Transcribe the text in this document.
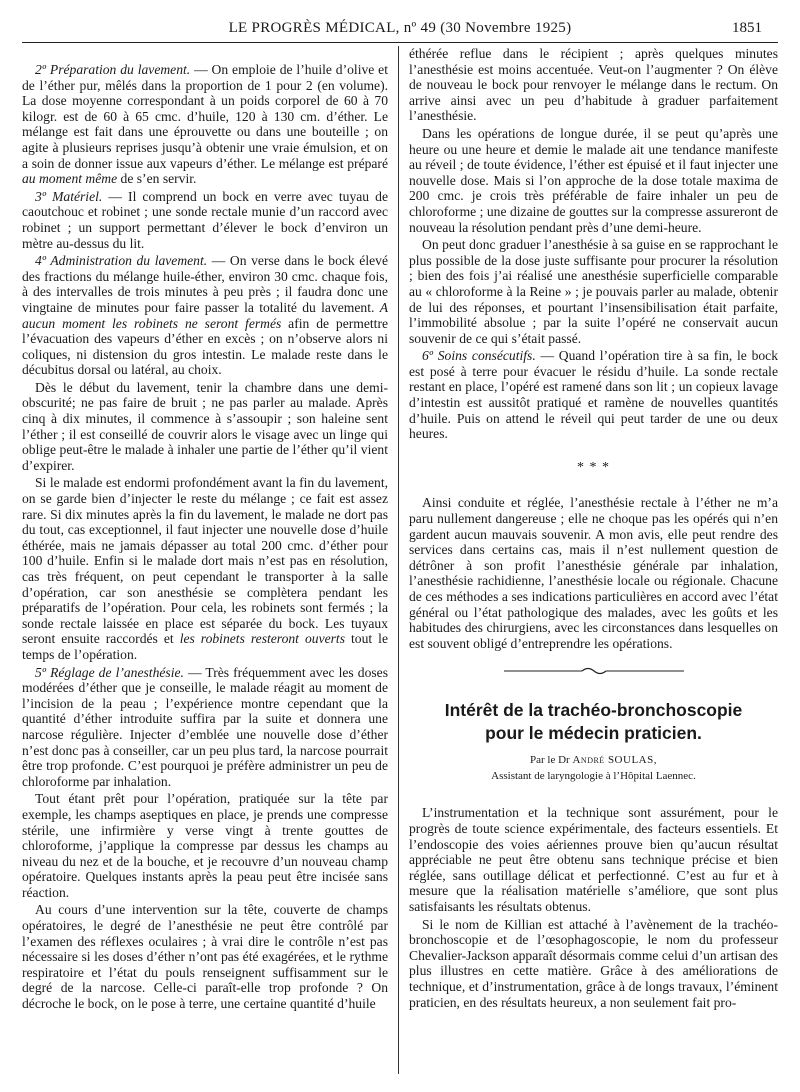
LE PROGRÈS MÉDICAL, nº 49 (30 Novembre 1925)	1851

2º Préparation du lavement. — On emploie de l’huile d’olive et de l’éther pur, mêlés dans la proportion de 1 pour 2 (en volume). La dose moyenne correspondant à un poids corporel de 60 à 70 kilogr. est de 60 à 65 cmc. d’huile, 120 à 130 cm. d’éther. Le mélange est fait dans une éprouvette ou dans une bouteille ; on agite à plusieurs reprises jusqu’à obtenir une vraie émulsion, et on a soin de donner issue aux vapeurs d’éther. Le mélange est préparé au moment même de s’en servir.

3º Matériel. — Il comprend un bock en verre avec tuyau de caoutchouc et robinet ; une sonde rectale munie d’un raccord avec robinet ; un support permettant d’élever le bock d’environ un mètre au-dessus du lit.

4º Administration du lavement. — On verse dans le bock élevé des fractions du mélange huile-éther, environ 30 cmc. chaque fois, à des intervalles de trois minutes à peu près ; il faudra donc une vingtaine de minutes pour faire passer la totalité du lavement. A aucun moment les robinets ne seront fermés afin de permettre l’évacuation des vapeurs d’éther en excès ; on n’observe alors ni coliques, ni distension du gros intestin. Le malade reste dans le décubitus dorsal ou latéral, au choix.

Dès le début du lavement, tenir la chambre dans une demi-obscurité; ne pas faire de bruit ; ne pas parler au malade. Après cinq à dix minutes, il commence à s’assoupir ; son haleine sent l’éther ; il est conseillé de couvrir alors le visage avec un linge qui oblige peut-être le malade à inhaler une partie de l’éther qu’il vient d’expirer.

Si le malade est endormi profondément avant la fin du lavement, on se garde bien d’injecter le reste du mélange ; ce fait est assez rare. Si dix minutes après la fin du lavement, le malade ne dort pas du tout, cas exceptionnel, il faut injecter une nouvelle dose d’huile éthérée, mais ne jamais dépasser au total 200 cmc. d’éther pour 100 d’huile. Enfin si le malade dort mais n’est pas en résolution, cas très fréquent, on peut cependant le transporter à la salle d’opération, car son anesthésie se complètera pendant les préparatifs de l’opération. Pour cela, les robinets sont fermés ; la sonde rectale laissée en place est séparée du bock. Les tuyaux seront ensuite raccordés et les robinets resteront ouverts tout le temps de l’opération.

5º Réglage de l’anesthésie. — Très fréquemment avec les doses modérées d’éther que je conseille, le malade réagit au moment de l’incision de la peau ; l’expérience montre cependant que la quantité d’éther introduite suffira par la suite et donnera une narcose régulière. Injecter d’emblée une nouvelle dose d’éther n’est donc pas à conseiller, car un peu plus tard, la narcose pourrait être trop profonde. C’est pourquoi je préfère administrer un peu de chloroforme par inhalation.

Tout étant prêt pour l’opération, pratiquée sur la tête par exemple, les champs aseptiques en place, je prends une compresse stérile, une infirmière y verse vingt à trente gouttes de chloroforme, j’applique la compresse par dessus les champs au niveau du nez et de la bouche, et je recouvre d’un nouveau champ opératoire. Quelques instants après la peau peut être incisée sans réaction.

Au cours d’une intervention sur la tête, couverte de champs opératoires, le degré de l’anesthésie ne peut être contrôlé par l’examen des réflexes oculaires ; à vrai dire le contrôle n’est pas nécessaire si les doses d’éther n’ont pas été exagérées, et le rythme respiratoire et l’état du pouls renseignent suffisamment sur le degré de la narcose. Celle-ci paraît-elle trop profonde ? On décroche le bock, on le pose à terre, une certaine quantité d’huile

éthérée reflue dans le récipient ; après quelques minutes l’anesthésie est moins accentuée. Veut-on l’augmenter ? On élève de nouveau le bock pour renvoyer le mélange dans le rectum. On arrive ainsi avec un peu d’habitude à graduer parfaitement l’anesthésie.

Dans les opérations de longue durée, il se peut qu’après une heure ou une heure et demie le malade ait une tendance manifeste au réveil ; de toute évidence, l’éther est épuisé et il faut injecter une nouvelle dose. Mais si l’on approche de la dose totale maxima de 200 cmc. je crois très préférable de faire inhaler un peu de chloroforme ; une dizaine de gouttes sur la compresse assureront de nouveau la résolution pendant près d’une demi-heure.

On peut donc graduer l’anesthésie à sa guise en se rapprochant le plus possible de la dose juste suffisante pour procurer la résolution ; bien des fois j’ai réalisé une anesthésie superficielle comparable au « chloroforme à la Reine » ; je pouvais parler au malade, obtenir de lui des réponses, et pourtant l’insensibilisation était parfaite, l’immobilité absolue ; par la suite l’opéré ne conservait aucun souvenir de ce qui s’était passé.

6º Soins consécutifs. — Quand l’opération tire à sa fin, le bock est posé à terre pour évacuer le résidu d’huile. La sonde rectale restant en place, l’opéré est ramené dans son lit ; un copieux lavage d’intestin est aussitôt pratiqué et ramène de nouvelles quantités d’huile. Puis on attend le réveil qui peut tarder de une ou deux heures.

* * *

Ainsi conduite et réglée, l’anesthésie rectale à l’éther ne m’a paru nullement dangereuse ; elle ne choque pas les opérés qui n’en gardent aucun mauvais souvenir. A mon avis, elle peut rendre des services dans certains cas, mais il n’est nullement question de détrôner à son profit l’anesthésie générale par inhalation, l’anesthésie rachidienne, l’anesthésie locale ou régionale. Chacune de ces méthodes a ses indications particulières en accord avec l’état général ou l’état pathologique des malades, avec les goûts et les habitudes des chirurgiens, avec les circonstances dans lesquelles on est souvent obligé d’entreprendre les opérations.

Intérêt de la trachéo-bronchoscopie
pour le médecin praticien.
Par le Dr André SOULAS,
Assistant de laryngologie à l’Hôpital Laennec.

L’instrumentation et la technique sont assurément, pour le progrès de toute science expérimentale, des facteurs essentiels. Et l’endoscopie des voies aériennes prouve bien qu’aucun résultat appréciable ne peut être obtenu sans technique précise et bien réglée, sans outillage délicat et perfectionné. C’est au fur et à mesure que la réalisation matérielle s’améliore, que sont plus satisfaisants les résultats obtenus.

Si le nom de Killian est attaché à l’avènement de la trachéo-bronchoscopie et de l’œsophagoscopie, le nom du professeur Chevalier-Jackson apparaît désormais comme celui d’un artisan des plus illustres en cette matière. Grâce à des améliorations de technique, et d’instrumentation, grâce à de longs travaux, l’éminent praticien, en des résultats heureux, a non seulement fait pro-
